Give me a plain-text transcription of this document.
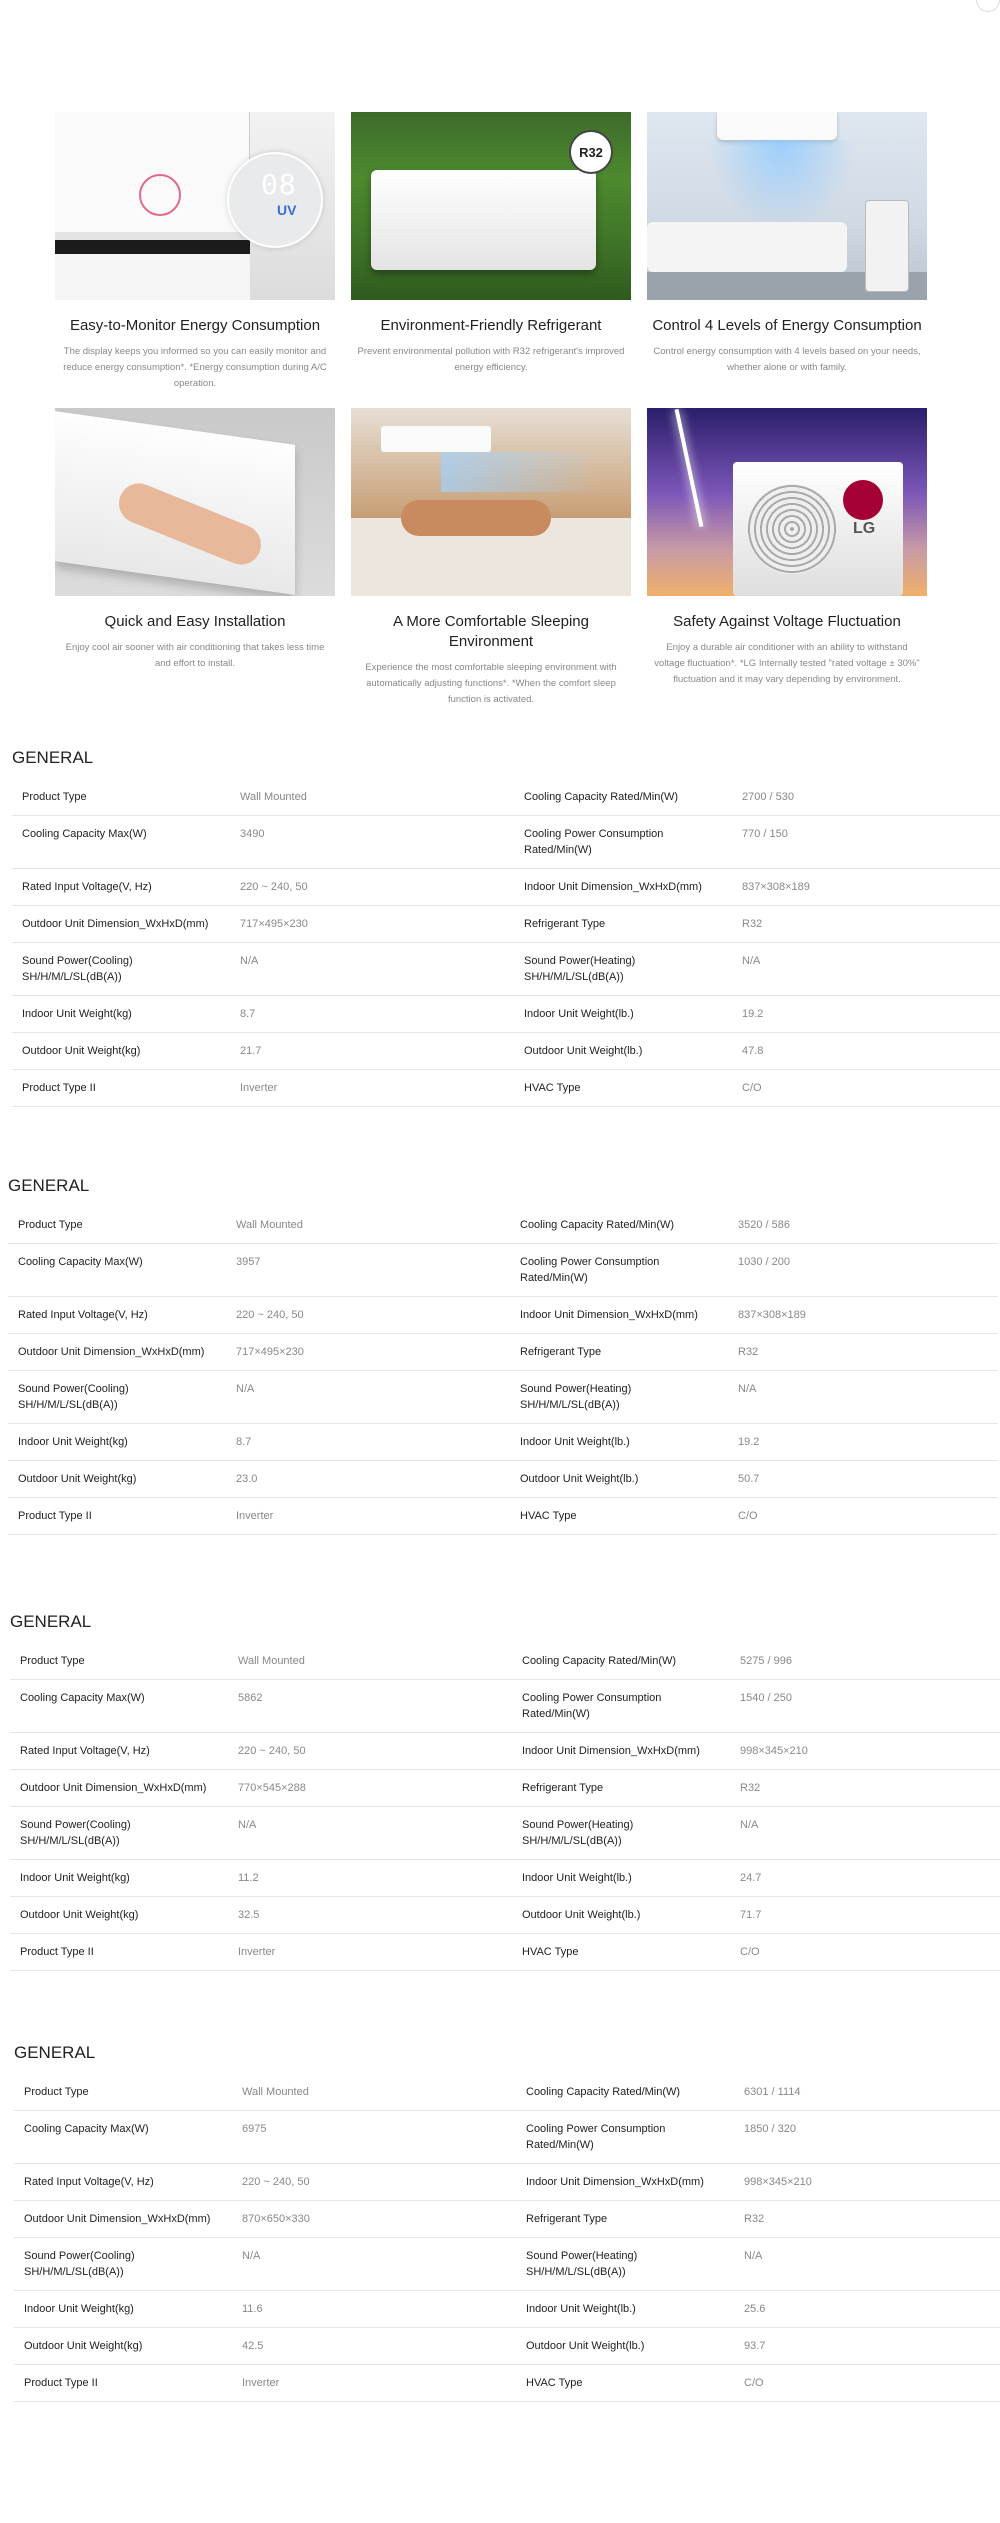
08
UV
Easy-to-Monitor Energy Consumption

The display keeps you informed so you can easily monitor and reduce energy consumption*. *Energy consumption during A/C operation.

R32
Environment-Friendly Refrigerant

Prevent environmental pollution with R32 refrigerant's improved energy efficiency.

Control 4 Levels of Energy Consumption

Control energy consumption with 4 levels based on your needs, whether alone or with family.

Quick and Easy Installation

Enjoy cool air sooner with air conditioning that takes less time and effort to install.

A More Comfortable Sleeping Environment

Experience the most comfortable sleeping environment with automatically adjusting functions*. *When the comfort sleep function is activated.

LG
Safety Against Voltage Fluctuation

Enjoy a durable air conditioner with an ability to withstand voltage fluctuation*. *LG Internally tested "rated voltage ± 30%" fluctuation and it may vary depending by environment.

GENERAL
Product Type	Wall Mounted	Cooling Capacity Rated/Min(W)	2700 / 530
Cooling Capacity Max(W)	3490	Cooling Power Consumption Rated/Min(W)	770 / 150
Rated Input Voltage(V, Hz)	220 ~ 240, 50	Indoor Unit Dimension_WxHxD(mm)	837×308×189
Outdoor Unit Dimension_WxHxD(mm)	717×495×230	Refrigerant Type	R32
Sound Power(Cooling) SH/H/M/L/SL(dB(A))	N/A	Sound Power(Heating) SH/H/M/L/SL(dB(A))	N/A
Indoor Unit Weight(kg)	8.7	Indoor Unit Weight(lb.)	19.2
Outdoor Unit Weight(kg)	21.7	Outdoor Unit Weight(lb.)	47.8
Product Type II	Inverter	HVAC Type	C/O
GENERAL
Product Type	Wall Mounted	Cooling Capacity Rated/Min(W)	3520 / 586
Cooling Capacity Max(W)	3957	Cooling Power Consumption Rated/Min(W)	1030 / 200
Rated Input Voltage(V, Hz)	220 ~ 240, 50	Indoor Unit Dimension_WxHxD(mm)	837×308×189
Outdoor Unit Dimension_WxHxD(mm)	717×495×230	Refrigerant Type	R32
Sound Power(Cooling) SH/H/M/L/SL(dB(A))	N/A	Sound Power(Heating) SH/H/M/L/SL(dB(A))	N/A
Indoor Unit Weight(kg)	8.7	Indoor Unit Weight(lb.)	19.2
Outdoor Unit Weight(kg)	23.0	Outdoor Unit Weight(lb.)	50.7
Product Type II	Inverter	HVAC Type	C/O
GENERAL
Product Type	Wall Mounted	Cooling Capacity Rated/Min(W)	5275 / 996
Cooling Capacity Max(W)	5862	Cooling Power Consumption Rated/Min(W)	1540 / 250
Rated Input Voltage(V, Hz)	220 ~ 240, 50	Indoor Unit Dimension_WxHxD(mm)	998×345×210
Outdoor Unit Dimension_WxHxD(mm)	770×545×288	Refrigerant Type	R32
Sound Power(Cooling) SH/H/M/L/SL(dB(A))	N/A	Sound Power(Heating) SH/H/M/L/SL(dB(A))	N/A
Indoor Unit Weight(kg)	11.2	Indoor Unit Weight(lb.)	24.7
Outdoor Unit Weight(kg)	32.5	Outdoor Unit Weight(lb.)	71.7
Product Type II	Inverter	HVAC Type	C/O
GENERAL
Product Type	Wall Mounted	Cooling Capacity Rated/Min(W)	6301 / 1114
Cooling Capacity Max(W)	6975	Cooling Power Consumption Rated/Min(W)	1850 / 320
Rated Input Voltage(V, Hz)	220 ~ 240, 50	Indoor Unit Dimension_WxHxD(mm)	998×345×210
Outdoor Unit Dimension_WxHxD(mm)	870×650×330	Refrigerant Type	R32
Sound Power(Cooling) SH/H/M/L/SL(dB(A))	N/A	Sound Power(Heating) SH/H/M/L/SL(dB(A))	N/A
Indoor Unit Weight(kg)	11.6	Indoor Unit Weight(lb.)	25.6
Outdoor Unit Weight(kg)	42.5	Outdoor Unit Weight(lb.)	93.7
Product Type II	Inverter	HVAC Type	C/O
